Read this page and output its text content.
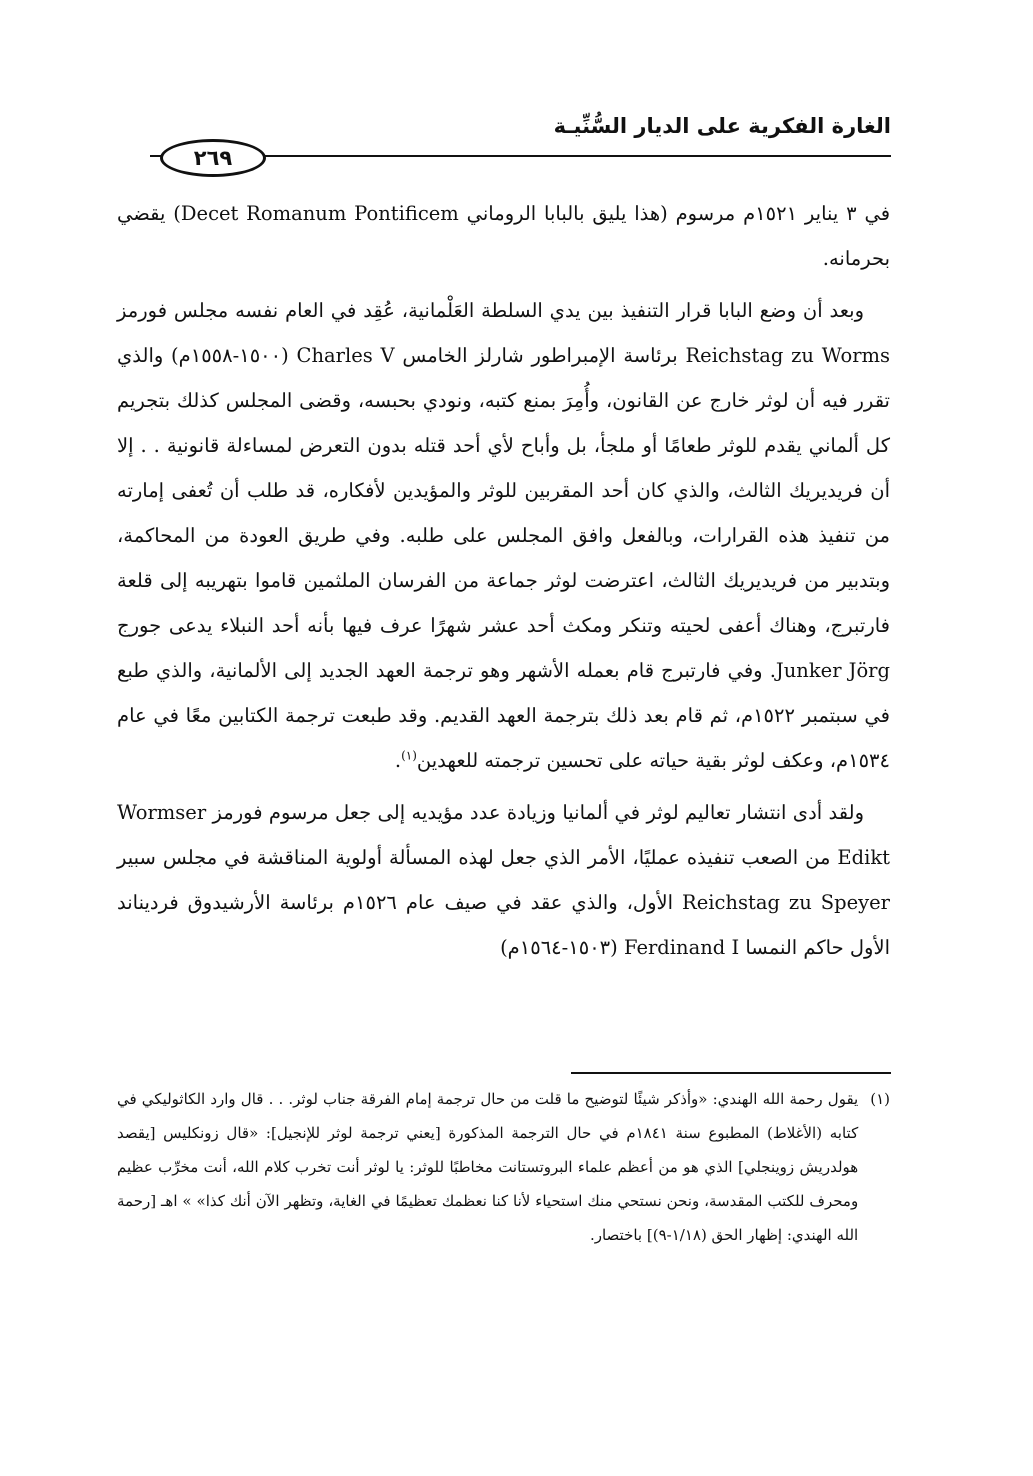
الغارة الفكرية على الديار السُّنِّيـة
٢٦٩

في ٣ يناير ١٥٢١م مرسوم (هذا يليق بالبابا الروماني Decet Romanum Pontificem) يقضي بحرمانه.

وبعد أن وضع البابا قرار التنفيذ بين يدي السلطة العَلْمانية، عُقِد في العام نفسه مجلس فورمز Reichstag zu Worms برئاسة الإمبراطور شارلز الخامس Charles V (١٥٠٠-١٥٥٨م) والذي تقرر فيه أن لوثر خارج عن القانون، وأُمِرَ بمنع كتبه، ونودي بحبسه، وقضى المجلس كذلك بتجريم كل ألماني يقدم للوثر طعامًا أو ملجأ، بل وأباح لأي أحد قتله بدون التعرض لمساءلة قانونية . . إلا أن فريديريك الثالث، والذي كان أحد المقربين للوثر والمؤيدين لأفكاره، قد طلب أن تُعفى إمارته من تنفيذ هذه القرارات، وبالفعل وافق المجلس على طلبه. وفي طريق العودة من المحاكمة، وبتدبير من فريديريك الثالث، اعترضت لوثر جماعة من الفرسان الملثمين قاموا بتهريبه إلى قلعة فارتبرج، وهناك أعفى لحيته وتنكر ومكث أحد عشر شهرًا عرف فيها بأنه أحد النبلاء يدعى جورج Junker Jörg. وفي فارتبرج قام بعمله الأشهر وهو ترجمة العهد الجديد إلى الألمانية، والذي طبع في سبتمبر ١٥٢٢م، ثم قام بعد ذلك بترجمة العهد القديم. وقد طبعت ترجمة الكتابين معًا في عام ١٥٣٤م، وعكف لوثر بقية حياته على تحسين ترجمته للعهدين$^{(١)}$.

ولقد أدى انتشار تعاليم لوثر في ألمانيا وزيادة عدد مؤيديه إلى جعل مرسوم فورمز Wormser Edikt من الصعب تنفيذه عمليًا، الأمر الذي جعل لهذه المسألة أولوية المناقشة في مجلس سبير Reichstag zu Speyer الأول، والذي عقد في صيف عام ١٥٢٦م برئاسة الأرشيدوق فرديناند الأول حاكم النمسا Ferdinand I (١٥٠٣-١٥٦٤م)

(١)
يقول رحمة الله الهندي: «وأذكر شيئًا لتوضيح ما قلت من حال ترجمة إمام الفرقة جناب لوثر. . . قال وارد الكاثوليكي في كتابه (الأغلاط) المطبوع سنة ١٨٤١م في حال الترجمة المذكورة [يعني ترجمة لوثر للإنجيل]: «قال زونكليس [يقصد هولدريش زوينجلي] الذي هو من أعظم علماء البروتستانت مخاطبًا للوثر: يا لوثر أنت تخرب كلام الله، أنت مخرِّب عظيم ومحرف للكتب المقدسة، ونحن نستحي منك استحياء لأنا كنا نعظمك تعظيمًا في الغاية، وتظهر الآن أنك كذا» » اهـ [رحمة الله الهندي: إظهار الحق (١/١٨-٩)] باختصار.
